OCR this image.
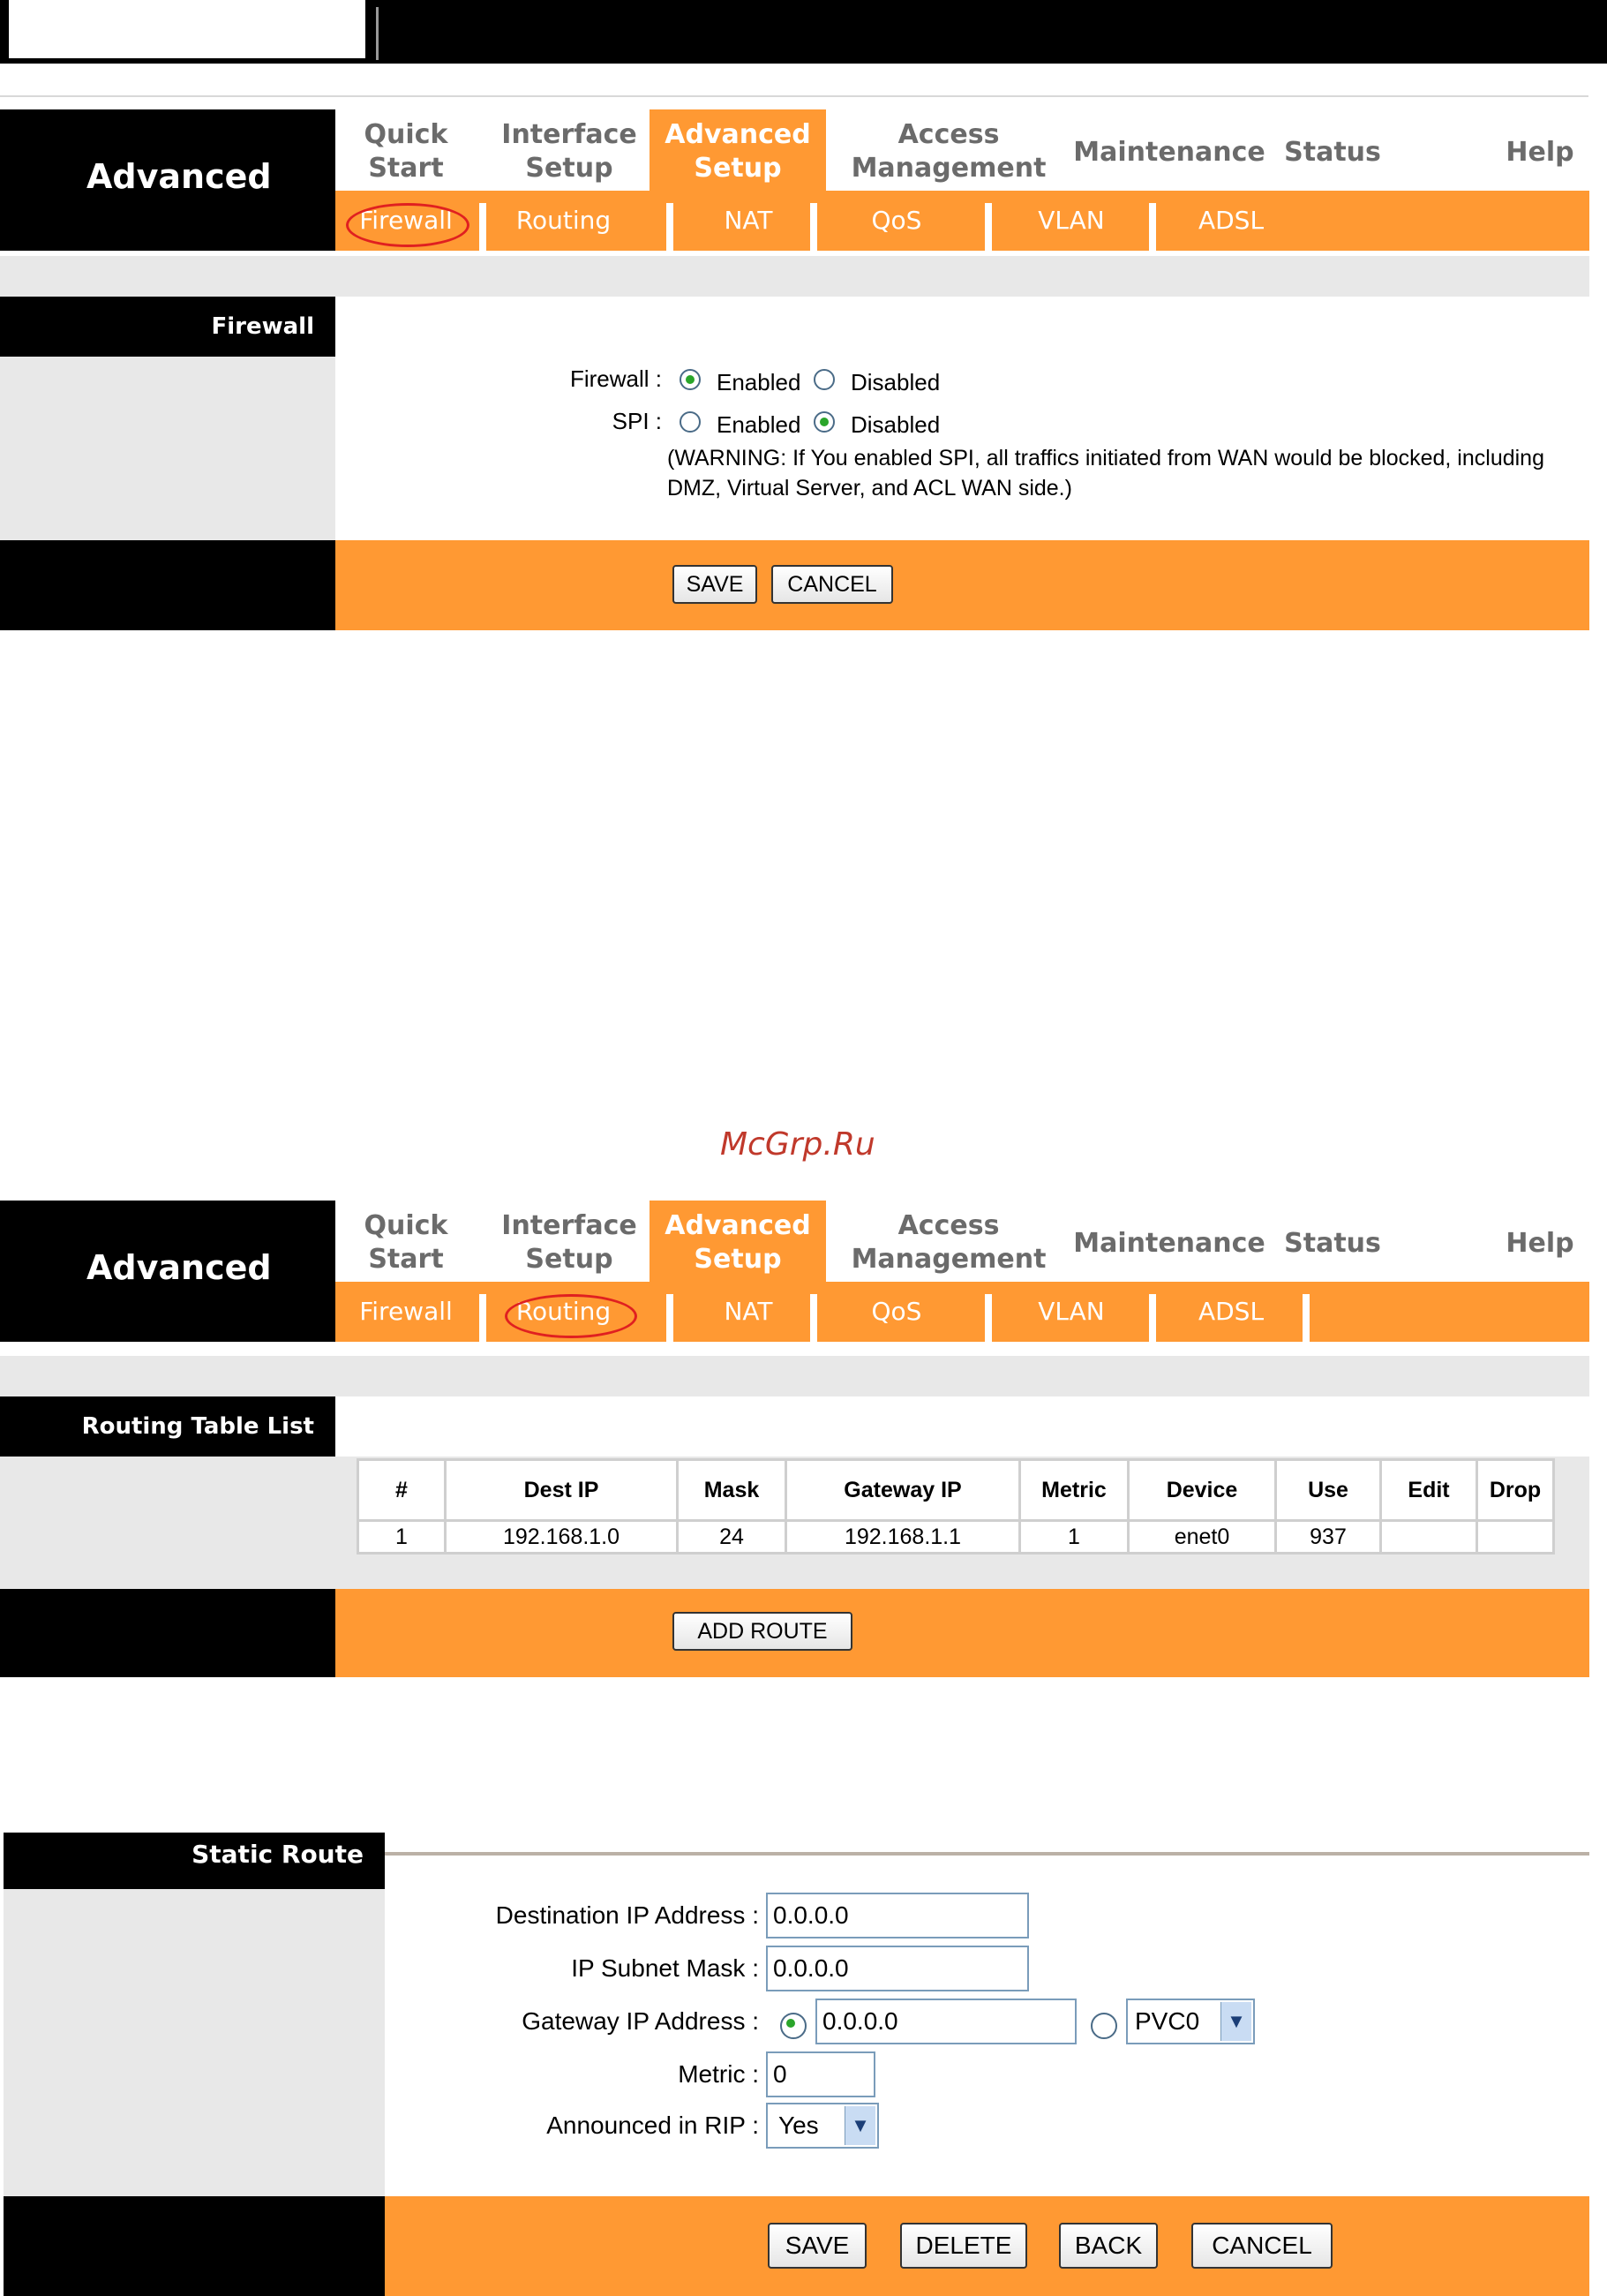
Advanced
Quick
Start
Interface
Setup
Advanced
Setup
Access
Management
Maintenance Status	Help
Firewall	Routing	NAT	QoS	VLAN	ADSL
Firewall
Firewall : Enabled Disabled
SPI : Enabled Disabled
(WARNING: If You enabled SPI, all traffics initiated from WAN would be blocked, including DMZ, Virtual Server, and ACL WAN side.)
SAVE	CANCEL
McGrp.Ru
Advanced
Quick
Start
Interface
Setup
Advanced
Setup
Access
Management
Maintenance Status	Help
Firewall	Routing	NAT	QoS	VLAN	ADSL
Routing Table List
#	Dest IP	Mask	Gateway IP	Metric	Device	Use	Edit	Drop
1	192.168.1.0	24	192.168.1.1	1	enet0	937		
ADD ROUTE
Static Route
Destination IP Address : 0.0.0.0
IP Subnet Mask : 0.0.0.0
Gateway IP Address :	0.0.0.0	PVC0	▼
Metric : 0
Announced in RIP : Yes	▼
SAVE	DELETE	BACK	CANCEL
